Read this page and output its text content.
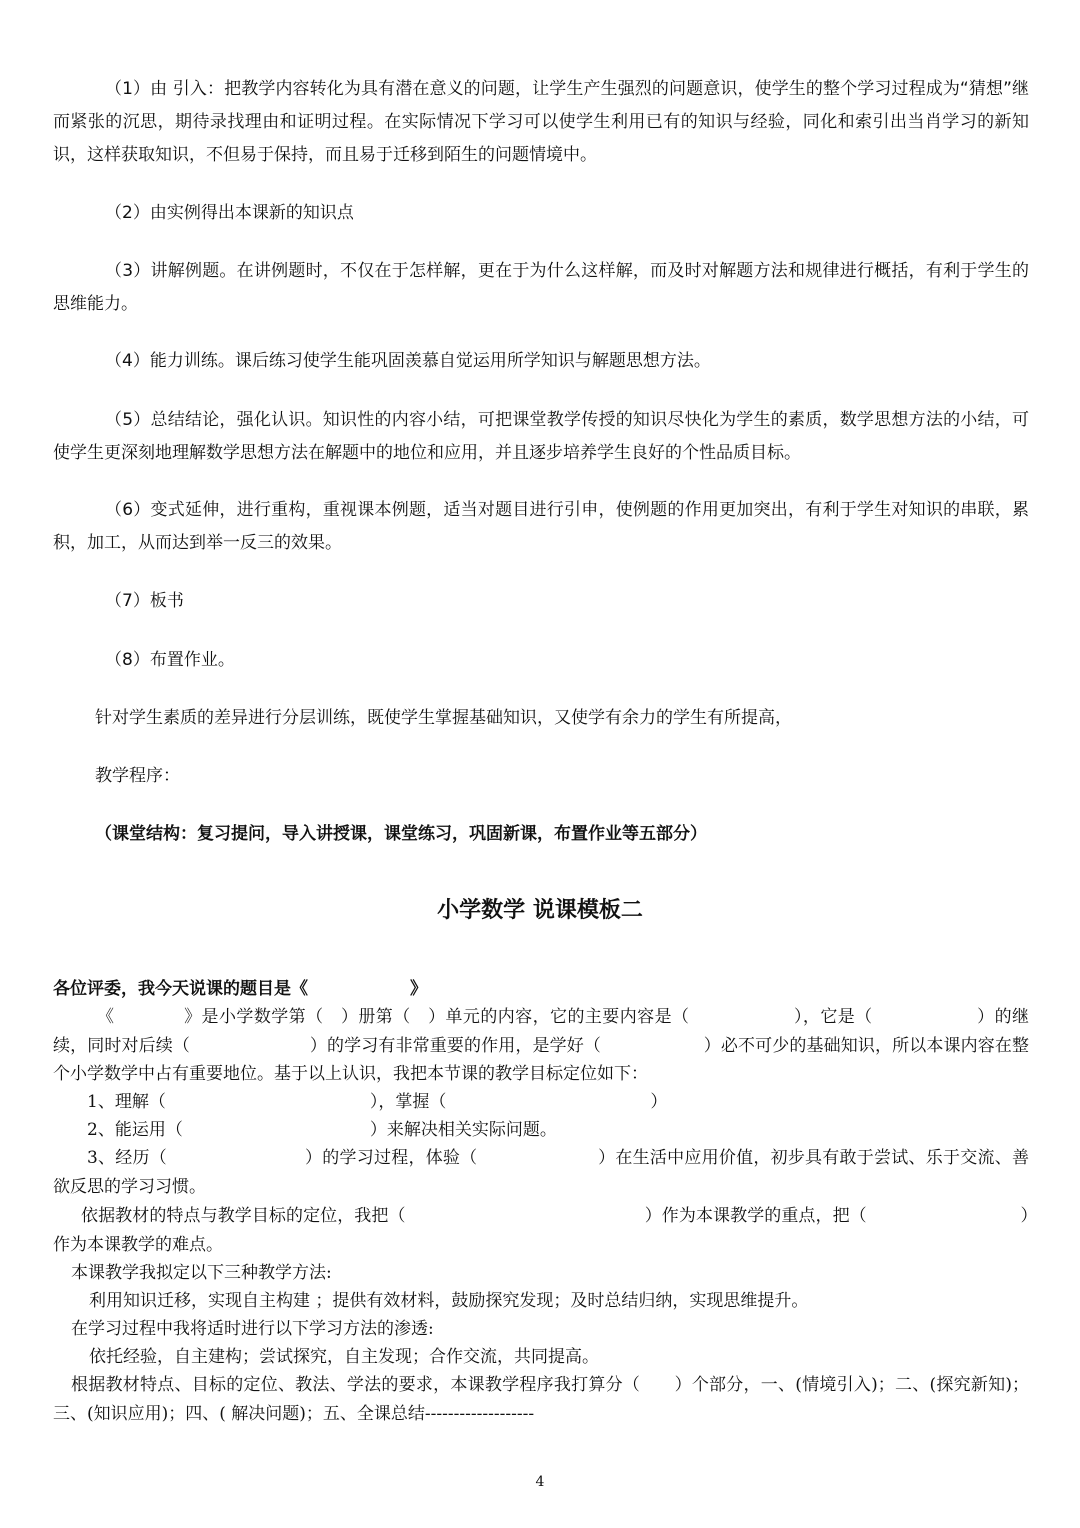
（1）由 引入：把教学内容转化为具有潜在意义的问题，让学生产生强烈的问题意识，使学生的整个学习过程成为“猜想”继而紧张的沉思，期待录找理由和证明过程。在实际情况下学习可以使学生利用已有的知识与经验，同化和索引出当肖学习的新知识，这样获取知识，不但易于保持，而且易于迁移到陌生的问题情境中。

（2）由实例得出本课新的知识点

（3）讲解例题。在讲例题时，不仅在于怎样解，更在于为什么这样解，而及时对解题方法和规律进行概括，有利于学生的思维能力。

（4）能力训练。课后练习使学生能巩固羡慕自觉运用所学知识与解题思想方法。

（5）总结结论，强化认识。知识性的内容小结，可把课堂教学传授的知识尽快化为学生的素质，数学思想方法的小结，可使学生更深刻地理解数学思想方法在解题中的地位和应用，并且逐步培养学生良好的个性品质目标。

（6）变式延伸，进行重构，重视课本例题，适当对题目进行引申，使例题的作用更加突出，有利于学生对知识的串联，累积，加工，从而达到举一反三的效果。

（7）板书

（8）布置作业。

针对学生素质的差异进行分层训练，既使学生掌握基础知识，又使学有余力的学生有所提高，

教学程序：

（课堂结构：复习提问，导入讲授课，课堂练习，巩固新课，布置作业等五部分）

小学数学 说课模板二

各位评委，我今天说课的题目是《　　　　　　》

《　　　　》是小学数学第（　）册第（　）单元的内容，它的主要内容是（　　　　　　），它是（　　　　　　）的继续，同时对后续（　　　　　　　）的学习有非常重要的作用，是学好（　　　　　　）必不可少的基础知识，所以本课内容在整个小学数学中占有重要地位。基于以上认识，我把本节课的教学目标定位如下：

1、理解（　　　　　　　　　　　　），掌握（　　　　　　　　　　　　）

2、能运用（　　　　　　　　　　　）来解决相关实际问题。

3、经历（　　　　　　　　）的学习过程，体验（　　　　　　　）在生活中应用价值，初步具有敢于尝试、乐于交流、善欲反思的学习习惯。

依据教材的特点与教学目标的定位，我把（　　　　　　　　　　　　　　）作为本课教学的重点，把（　　　　　　　　　）作为本课教学的难点。

本课教学我拟定以下三种教学方法:

利用知识迁移，实现自主构建 ；提供有效材料，鼓励探究发现；及时总结归纳，实现思维提升。

在学习过程中我将适时进行以下学习方法的渗透:

依托经验，自主建构；尝试探究，自主发现；合作交流，共同提高。

根据教材特点、目标的定位、教法、学法的要求，本课教学程序我打算分（　　）个部分，一、(情境引入)；二、(探究新知)；三、(知识应用)；四、( 解决问题)；五、全课总结-------------------

4
